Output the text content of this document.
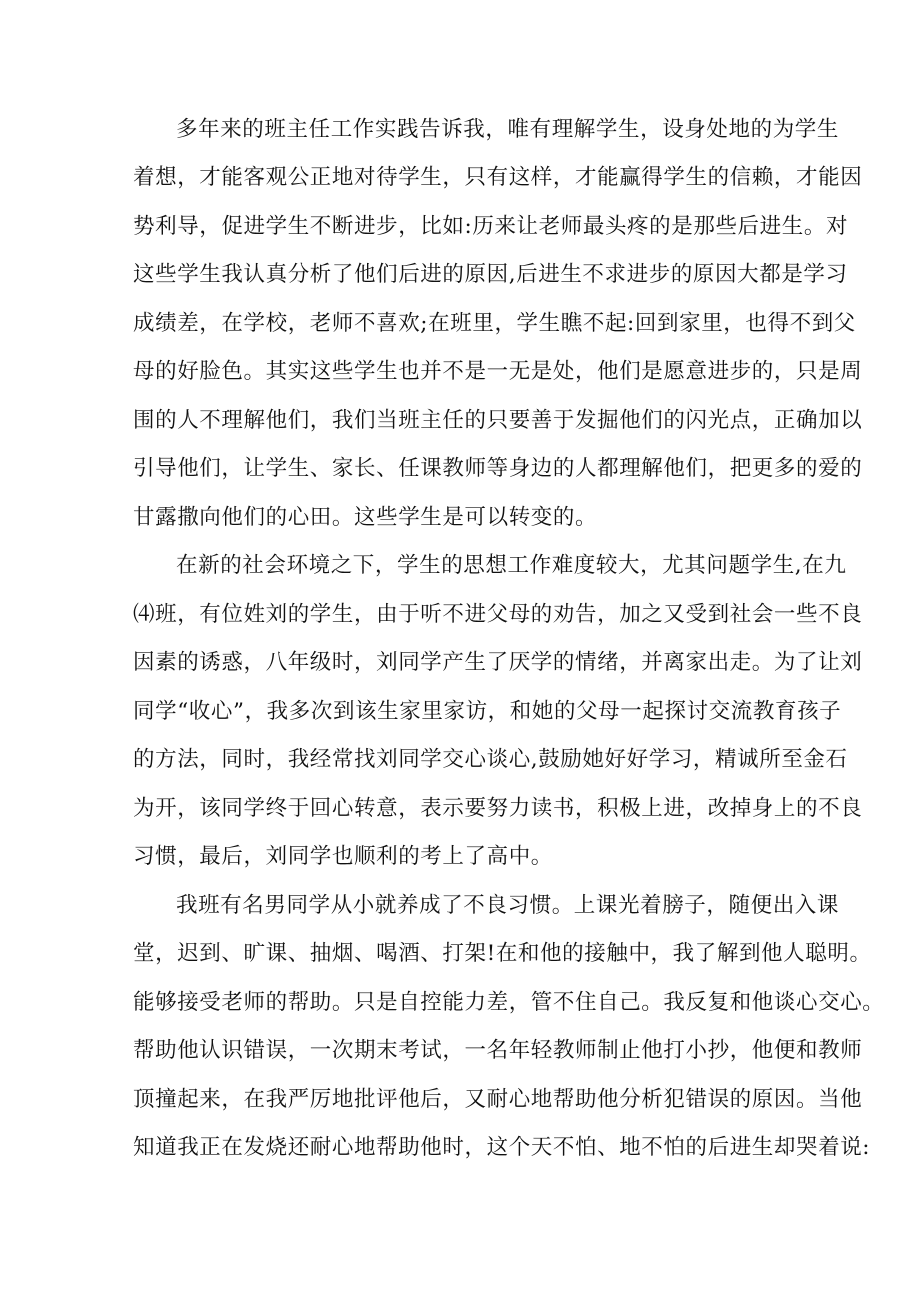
多年来的班主任工作实践告诉我，唯有理解学生，设身处地的为学生

着想，才能客观公正地对待学生，只有这样，才能赢得学生的信赖，才能因

势利导，促进学生不断进步，比如:历来让老师最头疼的是那些后进生。对

这些学生我认真分析了他们后进的原因,后进生不求进步的原因大都是学习

成绩差，在学校，老师不喜欢;在班里，学生瞧不起:回到家里，也得不到父

母的好脸色。其实这些学生也并不是一无是处，他们是愿意进步的，只是周

围的人不理解他们，我们当班主任的只要善于发掘他们的闪光点，正确加以

引导他们，让学生、家长、任课教师等身边的人都理解他们，把更多的爱的

甘露撒向他们的心田。这些学生是可以转变的。

在新的社会环境之下，学生的思想工作难度较大，尤其问题学生,在九

⑷班，有位姓刘的学生，由于听不进父母的劝告，加之又受到社会一些不良

因素的诱惑，八年级时，刘同学产生了厌学的情绪，并离家出走。为了让刘

同学“收心”，我多次到该生家里家访，和她的父母一起探讨交流教育孩子

的方法，同时，我经常找刘同学交心谈心,鼓励她好好学习，精诚所至金石

为开，该同学终于回心转意，表示要努力读书，积极上进，改掉身上的不良

习惯，最后，刘同学也顺利的考上了高中。

我班有名男同学从小就养成了不良习惯。上课光着膀子，随便出入课

堂，迟到、旷课、抽烟、喝酒、打架!在和他的接触中，我了解到他人聪明。

能够接受老师的帮助。只是自控能力差，管不住自己。我反复和他谈心交心。

帮助他认识错误，一次期末考试，一名年轻教师制止他打小抄，他便和教师

顶撞起来，在我严厉地批评他后，又耐心地帮助他分析犯错误的原因。当他

知道我正在发烧还耐心地帮助他时，这个天不怕、地不怕的后进生却哭着说:
